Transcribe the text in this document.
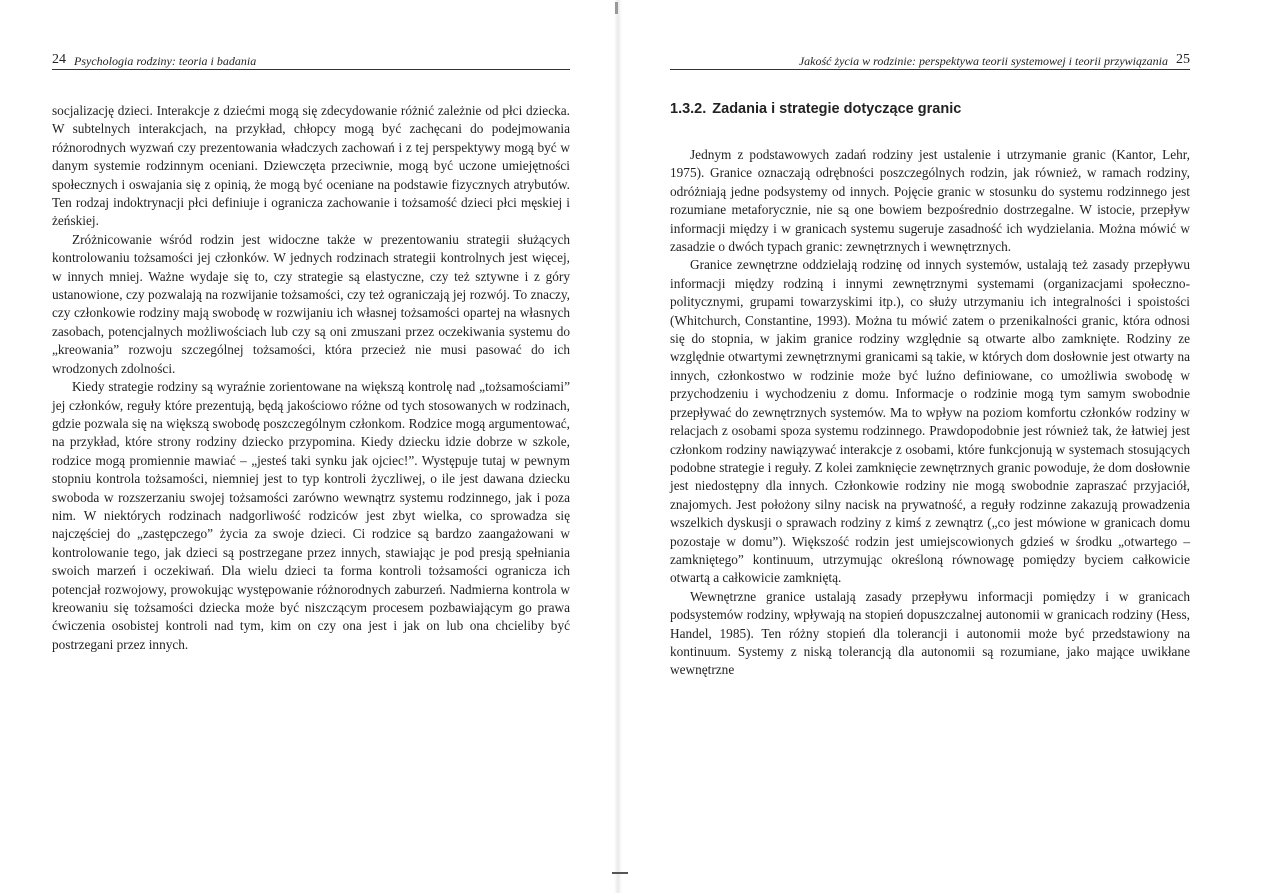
24 Psychologia rodziny: teoria i badania

socjalizację dzieci. Interakcje z dziećmi mogą się zdecydowanie różnić zależnie od płci dziecka. W subtelnych interakcjach, na przykład, chłopcy mogą być zachęcani do podejmowania różnorodnych wyzwań czy prezentowania władczych zachowań i z tej perspektywy mogą być w danym systemie rodzinnym oceniani. Dziewczęta przeciwnie, mogą być uczone umiejętności społecznych i oswajania się z opinią, że mogą być oceniane na podstawie fizycznych atrybutów. Ten rodzaj indoktrynacji płci definiuje i ogranicza zachowanie i tożsamość dzieci płci męskiej i żeńskiej.

Zróżnicowanie wśród rodzin jest widoczne także w prezentowaniu strategii służących kontrolowaniu tożsamości jej członków. W jednych rodzinach strategii kontrolnych jest więcej, w innych mniej. Ważne wydaje się to, czy strategie są elastyczne, czy też sztywne i z góry ustanowione, czy pozwalają na rozwijanie tożsamości, czy też ograniczają jej rozwój. To znaczy, czy członkowie rodziny mają swobodę w rozwijaniu ich własnej tożsamości opartej na własnych zasobach, potencjalnych możliwościach lub czy są oni zmuszani przez oczekiwania systemu do „kreowania” rozwoju szczególnej tożsamości, która przecież nie musi pasować do ich wrodzonych zdolności.

Kiedy strategie rodziny są wyraźnie zorientowane na większą kontrolę nad „tożsamościami” jej członków, reguły które prezentują, będą jakościowo różne od tych stosowanych w rodzinach, gdzie pozwala się na większą swobodę poszczególnym członkom. Rodzice mogą argumentować, na przykład, które strony rodziny dziecko przypomina. Kiedy dziecku idzie dobrze w szkole, rodzice mogą promiennie mawiać – „jesteś taki synku jak ojciec!”. Występuje tutaj w pewnym stopniu kontrola tożsamości, niemniej jest to typ kontroli życzliwej, o ile jest dawana dziecku swoboda w rozszerzaniu swojej tożsamości zarówno wewnątrz systemu rodzinnego, jak i poza nim. W niektórych rodzinach nadgorliwość rodziców jest zbyt wielka, co sprowadza się najczęściej do „zastępczego” życia za swoje dzieci. Ci rodzice są bardzo zaangażowani w kontrolowanie tego, jak dzieci są postrzegane przez innych, stawiając je pod presją spełniania swoich marzeń i oczekiwań. Dla wielu dzieci ta forma kontroli tożsamości ogranicza ich potencjał rozwojowy, prowokując występowanie różnorodnych zaburzeń. Nadmierna kontrola w kreowaniu się tożsamości dziecka może być niszczącym procesem pozbawiającym go prawa ćwiczenia osobistej kontroli nad tym, kim on czy ona jest i jak on lub ona chcieliby być postrzegani przez innych.

25
Jakość życia w rodzinie: perspektywa teorii systemowej i teorii przywiązania
1.3.2. Zadania i strategie dotyczące granic

Jednym z podstawowych zadań rodziny jest ustalenie i utrzymanie granic (Kantor, Lehr, 1975). Granice oznaczają odrębności poszczególnych rodzin, jak również, w ramach rodziny, odróżniają jedne podsystemy od innych. Pojęcie granic w stosunku do systemu rodzinnego jest rozumiane metaforycznie, nie są one bowiem bezpośrednio dostrzegalne. W istocie, przepływ informacji między i w granicach systemu sugeruje zasadność ich wydzielania. Można mówić w zasadzie o dwóch typach granic: zewnętrznych i wewnętrznych.

Granice zewnętrzne oddzielają rodzinę od innych systemów, ustalają też zasady przepływu informacji między rodziną i innymi zewnętrznymi systemami (organizacjami społeczno-politycznymi, grupami towarzyskimi itp.), co służy utrzymaniu ich integralności i spoistości (Whitchurch, Constantine, 1993). Można tu mówić zatem o przenikalności granic, która odnosi się do stopnia, w jakim granice rodziny względnie są otwarte albo zamknięte. Rodziny ze względnie otwartymi zewnętrznymi granicami są takie, w których dom dosłownie jest otwarty na innych, członkostwo w rodzinie może być luźno definiowane, co umożliwia swobodę w przychodzeniu i wychodzeniu z domu. Informacje o rodzinie mogą tym samym swobodnie przepływać do zewnętrznych systemów. Ma to wpływ na poziom komfortu członków rodziny w relacjach z osobami spoza systemu rodzinnego. Prawdopodobnie jest również tak, że łatwiej jest członkom rodziny nawiązywać interakcje z osobami, które funkcjonują w systemach stosujących podobne strategie i reguły. Z kolei zamknięcie zewnętrznych granic powoduje, że dom dosłownie jest niedostępny dla innych. Członkowie rodziny nie mogą swobodnie zapraszać przyjaciół, znajomych. Jest położony silny nacisk na prywatność, a reguły rodzinne zakazują prowadzenia wszelkich dyskusji o sprawach rodziny z kimś z zewnątrz („co jest mówione w granicach domu pozostaje w domu”). Większość rodzin jest umiejscowionych gdzieś w środku „otwartego – zamkniętego” kontinuum, utrzymując określoną równowagę pomiędzy byciem całkowicie otwartą a całkowicie zamkniętą.

Wewnętrzne granice ustalają zasady przepływu informacji pomiędzy i w granicach podsystemów rodziny, wpływają na stopień dopuszczalnej autonomii w granicach rodziny (Hess, Handel, 1985). Ten różny stopień dla tolerancji i autonomii może być przedstawiony na kontinuum. Systemy z niską tolerancją dla autonomii są rozumiane, jako mające uwikłane wewnętrzne
